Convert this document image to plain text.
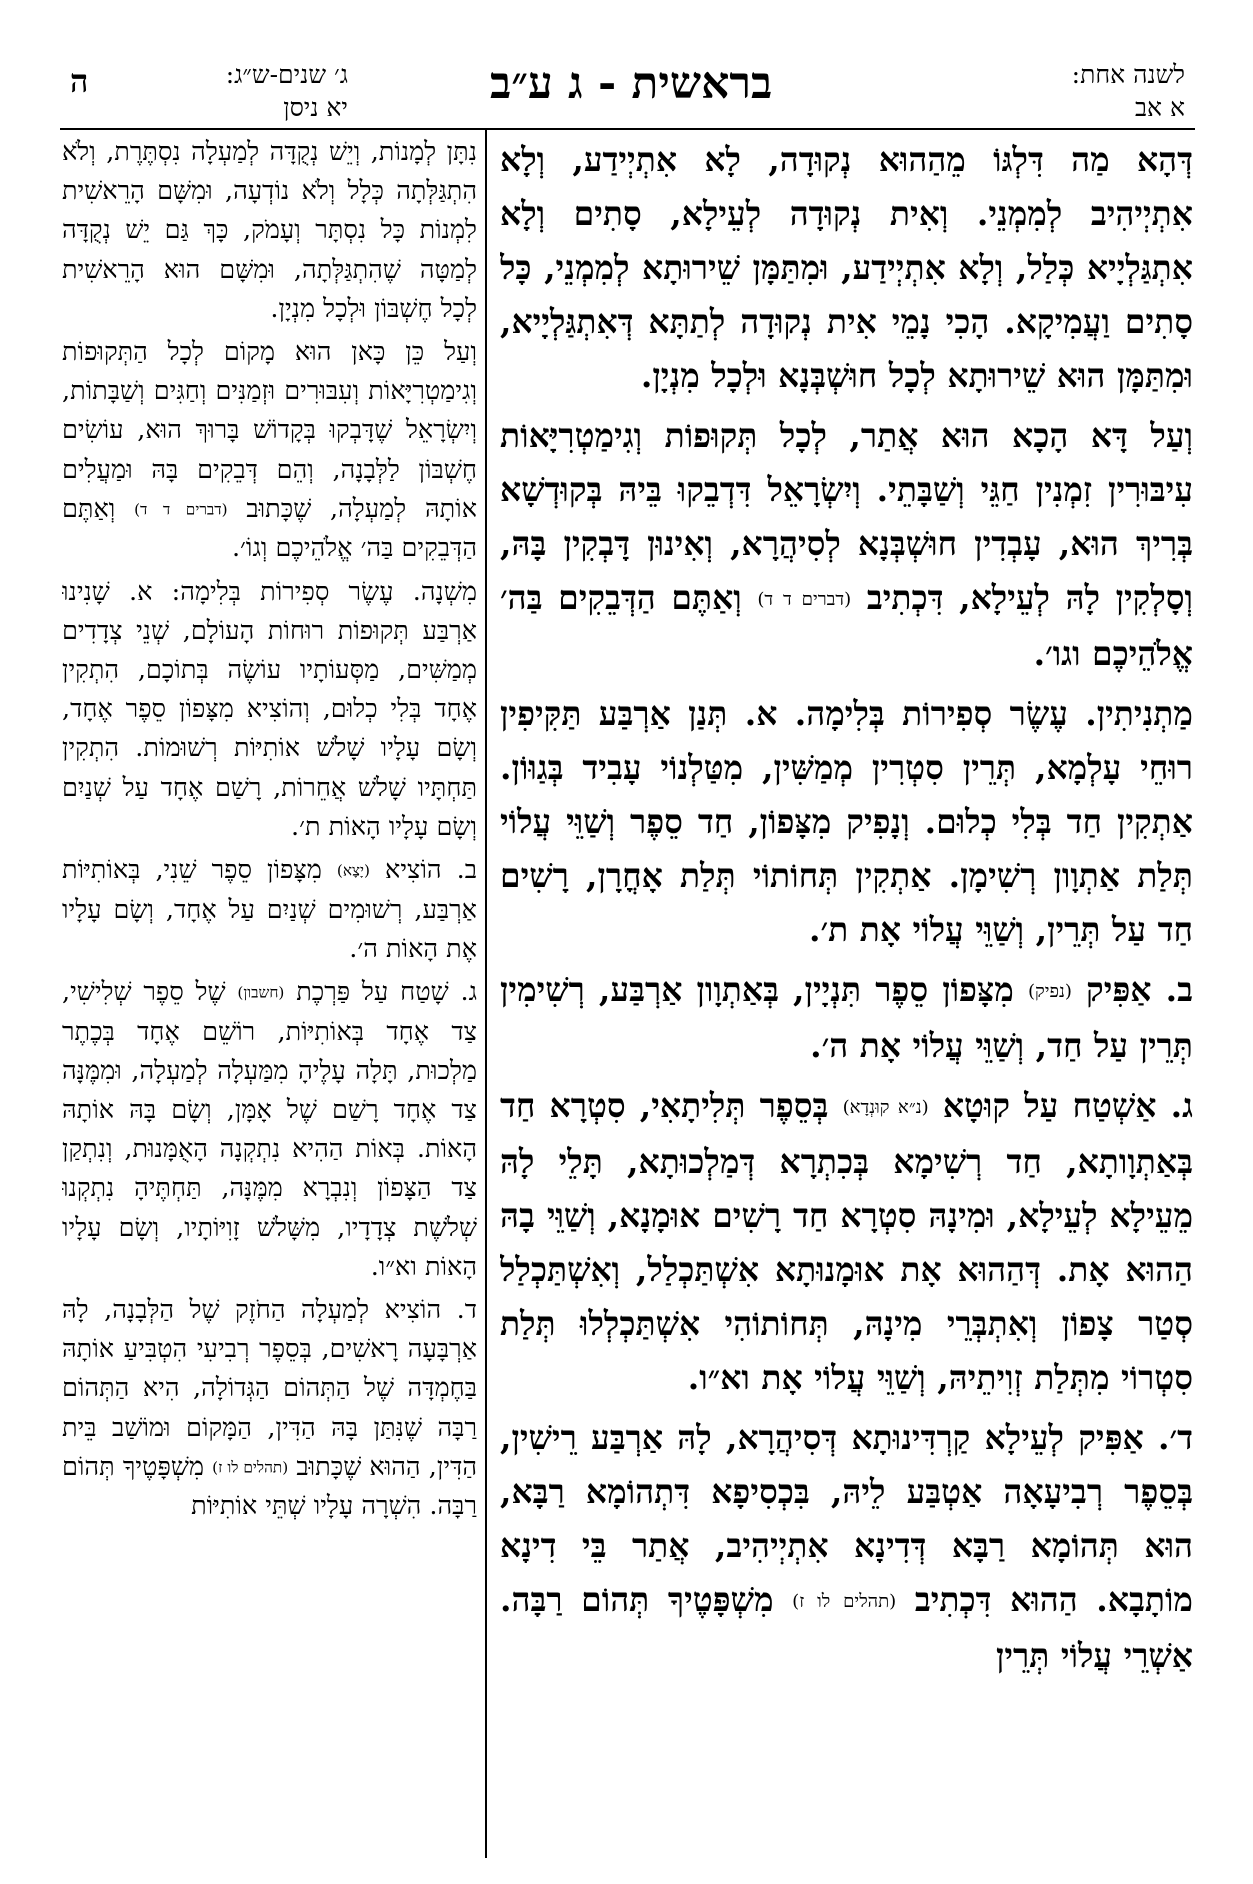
ג׳ שנים-ש״ג:
יא ניסן
ה	בראשית - ג ע״ב	לשנה אחת:
א אב

דְּהָא מַה דִּלְגּוֹ מֵהַהוּא נְקוּדָה, לָא אִתְיְידַע, וְלָא אִתְיְיהִיב לְמִמְנֵי. וְאִית נְקוּדָה לְעֵילָא, סָתִים וְלָא אִתְגַּלְיָיא כְּלַל, וְלָא אִתְיְידַע, וּמִתַּמָּן שֵׁירוּתָא לְמִמְנֵי, כָּל סָתִים וַעֲמִיקָא. הָכִי נָמֵי אִית נְקוּדָה לְתַתָּא דְּאִתְגַּלְיָיא, וּמִתַּמָּן הוּא שֵׁירוּתָא לְכָל חוּשְׁבְּנָא וּלְכָל מִנְיָן.

וְעַל דָּא הָכָא הוּא אֲתַר, לְכָל תְּקוּפוֹת וְגִימַטְרִיָּאוֹת עִיבּוּרִין זִמְנִין חַגֵּי וְשַׁבָּתֵי. וְיִשְׂרָאֵל דִּדְבֵקוּ בֵּיהּ בְּקוּדְשָׁא בְּרִיךְ הוּא, עָבְדִין חוּשְׁבְּנָא לְסִיהֲרָא, וְאִינוּן דָּבְקִין בָּהּ, וְסָלְקִין לָהּ לְעֵילָא, דִּכְתִיב (דברים ד ד) וְאַתֶּם הַדְּבֵקִים בַּה׳ אֱלֹהֵיכֶם וגו׳.

מַתְנִיתִין. עֶשֶׂר סְפִירוֹת בְּלִימָה. א. תְּנַן אַרְבַּע תַּקִּיפִין רוּחֵי עָלְמָא, תְּרֵין סִטְרִין מְמַשִּׁין, מִטַּלְנוֹי עָבִיד בְּגַוּוֹן. אַתְקִין חַד בְּלִי כְלוּם. וְנָפִיק מִצָּפוֹן, חַד סֵפֶר וְשַׁוֵּי עֲלוֹי תְּלַת אַתְוָון רְשִׁימָן. אַתְקִין תְּחוֹתוֹי תְּלַת אָחֳרָן, רָשִׁים חַד עַל תְּרֵין, וְשַׁוֵּי עֲלוֹי אָת ת׳.

ב. אַפִּיק (נפיק) מִצָּפוֹן סֵפֶר תִּנְיָין, בְּאַתְוָון אַרְבַּע, רְשִׁימִין תְּרֵין עַל חַד, וְשַׁוֵּי עֲלוֹי אָת ה׳.

ג. אַשְׁטַח עַל קוּטָא (נ״א קוּנְדָא) בְּסֵפֶר תְּלִיתָאִי, סִטְרָא חַד בְּאַתְוָותָא, חַד רְשִׁימָא בְּכִתְרָא דְּמַלְכוּתָא, תָּלֵי לָהּ מֵעֵילָא לְעֵילָא, וּמִינָהּ סִטְרָא חַד רָשִׁים אוּמָנָא, וְשַׁוֵּי בָהּ הַהוּא אָת. דְּהַהוּא אָת אוּמָנוּתָא אִשְׁתַּכְלַל, וְאִשְׁתַּכְלַל סְטַר צָפוֹן וְאִתְבְּרֵי מִינָהּ, תְּחוֹתוֹהִי אִשְׁתַּכְלְלוּ תְּלַת סִטְרוֹי מִתְּלַת זְוִיתֵיהּ, וְשַׁוֵּי עֲלוֹי אָת וא״ו.

ד׳. אַפִּיק לְעֵילָא קַרְדִּינוּתָא דְּסִיהֲרָא, לָהּ אַרְבַּע רֵישִׁין, בְּסֵפֶר רְבִיעָאָה אַטְבַּע לֵיהּ, בִּכְסִיפָא דִּתְהוֹמָא רַבָּא, הוּא תְּהוֹמָא רַבָּא דְּדִינָא אִתְיְיהִיב, אֲתַר בֵּי דִינָא מוֹתָבָא. הַהוּא דִּכְתִיב (תהלים לו ז) מִשְׁפָּטֶיךָ תְּהוֹם רַבָּה. אַשְׁרֵי עֲלוֹי תְּרֵין

נִתָּן לְמָנוֹת, וְיֵשׁ נְקֻדָּה לְמַעְלָה נִסְתֶּרֶת, וְלֹא הִתְגַּלְּתָה כְּלָל וְלֹא נוֹדְעָה, וּמִשָּׁם הָרֵאשִׁית לִמְנוֹת כָּל נִסְתָּר וְעָמֹק, כָּךְ גַּם יֵשׁ נְקֻדָּה לְמַטָּה שֶׁהִתְגַּלְּתָה, וּמִשָּׁם הוּא הָרֵאשִׁית לְכָל חֶשְׁבּוֹן וּלְכָל מִנְיָן.

וְעַל כֵּן כָּאן הוּא מָקוֹם לְכָל הַתְּקוּפוֹת וְגִימַטְרִיָּאוֹת וְעִבּוּרִים וּזְמַנִּים וְחַגִּים וְשַׁבָּתוֹת, וְיִשְׂרָאֵל שֶׁדָּבְקוּ בְּקָדוֹשׁ בָּרוּךְ הוּא, עוֹשִׂים חֶשְׁבּוֹן לַלְּבָנָה, וְהֵם דְּבֵקִים בָּהּ וּמַעֲלִים אוֹתָהּ לְמַעְלָה, שֶׁכָּתוּב (דברים ד ד) וְאַתֶּם הַדְּבֵקִים בַּה׳ אֱלֹהֵיכֶם וְגוֹ׳.

מִשְׁנָה. עֶשֶׂר סְפִירוֹת בְּלִימָה: א. שָׁנִינוּ אַרְבַּע תְּקוּפוֹת רוּחוֹת הָעוֹלָם, שְׁנֵי צְדָדִים מְמַשִּׁים, מַסְּעוֹתָיו עוֹשֶׂה בְּתוֹכָם, הִתְקִין אֶחָד בְּלִי כְלוּם, וְהוֹצִיא מִצָּפוֹן סֵפֶר אֶחָד, וְשָׂם עָלָיו שָׁלֹשׁ אוֹתִיּוֹת רְשׁוּמוֹת. הִתְקִין תַּחְתָּיו שָׁלֹשׁ אֲחֵרוֹת, רָשַׁם אֶחָד עַל שְׁנַיִם וְשָׂם עָלָיו הָאוֹת ת׳.

ב. הוֹצִיא (יָצָא) מִצָּפוֹן סֵפֶר שֵׁנִי, בְּאוֹתִיּוֹת אַרְבַּע, רְשׁוּמִים שְׁנַיִם עַל אֶחָד, וְשָׂם עָלָיו אֶת הָאוֹת ה׳.

ג. שָׁטַח עַל פַּרְכֶת (חשבון) שֶׁל סֵפֶר שְׁלִישִׁי, צַד אֶחָד בְּאוֹתִיּוֹת, רוֹשֵׁם אֶחָד בְּכֶתֶר מַלְכוּת, תָּלָה עָלֶיהָ מִמַּעְלָה לְמַעְלָה, וּמִמֶּנָּה צַד אֶחָד רָשַׁם שֶׁל אָמָּן, וְשָׂם בָּהּ אוֹתָהּ הָאוֹת. בְּאוֹת הַהִיא נִתְקְנָה הָאֻמָּנוּת, וְנִתְקַן צַד הַצָּפוֹן וְנִבְרָא מִמֶּנָּה, תַּחְתֶּיהָ נִתְקְנוּ שְׁלֹשֶׁת צְדָדָיו, מִשָּׁלֹשׁ זָוִיּוֹתָיו, וְשָׂם עָלָיו הָאוֹת וא״ו.

ד. הוֹצִיא לְמַעְלָה הַחֹזֶק שֶׁל הַלְּבָנָה, לָהּ אַרְבָּעָה רָאשִׁים, בְּסֵפֶר רְבִיעִי הִטְבִּיעַ אוֹתָהּ בַּחֶמְדָּה שֶׁל הַתְּהוֹם הַגְּדוֹלָה, הִיא הַתְּהוֹם רַבָּה שֶׁנִּתַּן בָּהּ הַדִּין, הַמָּקוֹם וּמוֹשַׁב בֵּית הַדִּין, הַהוּא שֶׁכָּתוּב (תהלים לו ז) מִשְׁפָּטֶיךָ תְּהוֹם רַבָּה. הִשְׁרָה עָלָיו שְׁתֵּי אוֹתִיּוֹת
